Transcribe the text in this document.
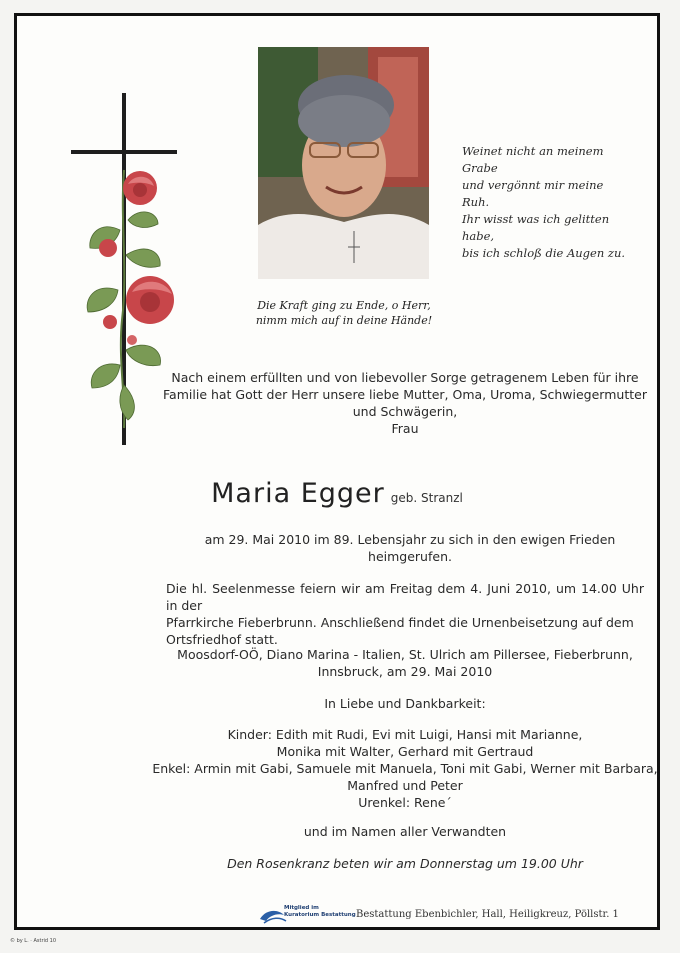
Weinet nicht an meinem Grabe
und vergönnt mir meine Ruh.
Ihr wisst was ich gelitten habe,
bis ich schloß die Augen zu.
Die Kraft ging zu Ende, o Herr,
nimm mich auf in deine Hände!
Nach einem erfüllten und von liebevoller Sorge getragenem Leben für ihre
Familie hat Gott der Herr unsere liebe Mutter, Oma, Uroma, Schwiegermutter
und Schwägerin,
Frau
Maria Egger geb. Stranzl
am 29. Mai 2010 im 89. Lebensjahr zu sich in den ewigen Frieden
heimgerufen.
Die hl. Seelenmesse feiern wir am Freitag dem 4. Juni 2010, um 14.00 Uhr in der
Pfarrkirche Fieberbrunn. Anschließend findet die Urnenbeisetzung auf dem
Ortsfriedhof statt.
Moosdorf-OÖ, Diano Marina - Italien, St. Ulrich am Pillersee, Fieberbrunn,
Innsbruck, am 29. Mai 2010
In Liebe und Dankbarkeit:
Kinder: Edith mit Rudi, Evi mit Luigi, Hansi mit Marianne,
Monika mit Walter, Gerhard mit Gertraud
Enkel: Armin mit Gabi, Samuele mit Manuela, Toni mit Gabi, Werner mit Barbara,
Manfred und Peter
Urenkel: Rene´
und im Namen aller Verwandten
Den Rosenkranz beten wir am Donnerstag um 19.00 Uhr
Mitglied im
Kuratorium Bestattung Bestattung Ebenbichler, Hall, Heiligkreuz, Pöllstr. 1
© by L. · Astrid 10
